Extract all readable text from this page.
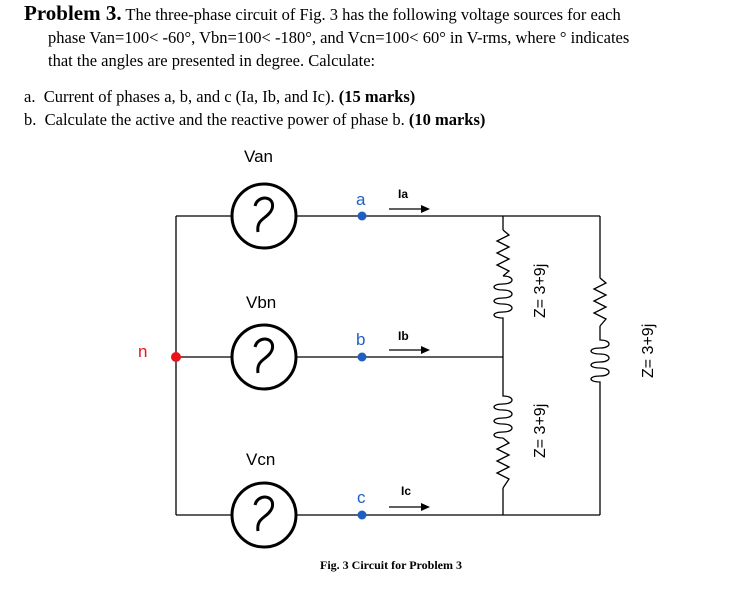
Problem 3. The three-phase circuit of Fig. 3 has the following voltage sources for each
phase Van=100< -60°, Vbn=100< -180°, and Vcn=100< 60° in V-rms, where ° indicates
that the angles are presented in degree. Calculate:
a. Current of phases a, b, and c (Ia, Ib, and Ic). (15 marks)
b. Calculate the active and the reactive power of phase b. (10 marks)
Van
Vbn
Vcn
n
a
b
c
Ia
Ib
Ic
Z= 3+9j
Z= 3+9j
Z= 3+9j
Fig. 3 Circuit for Problem 3
